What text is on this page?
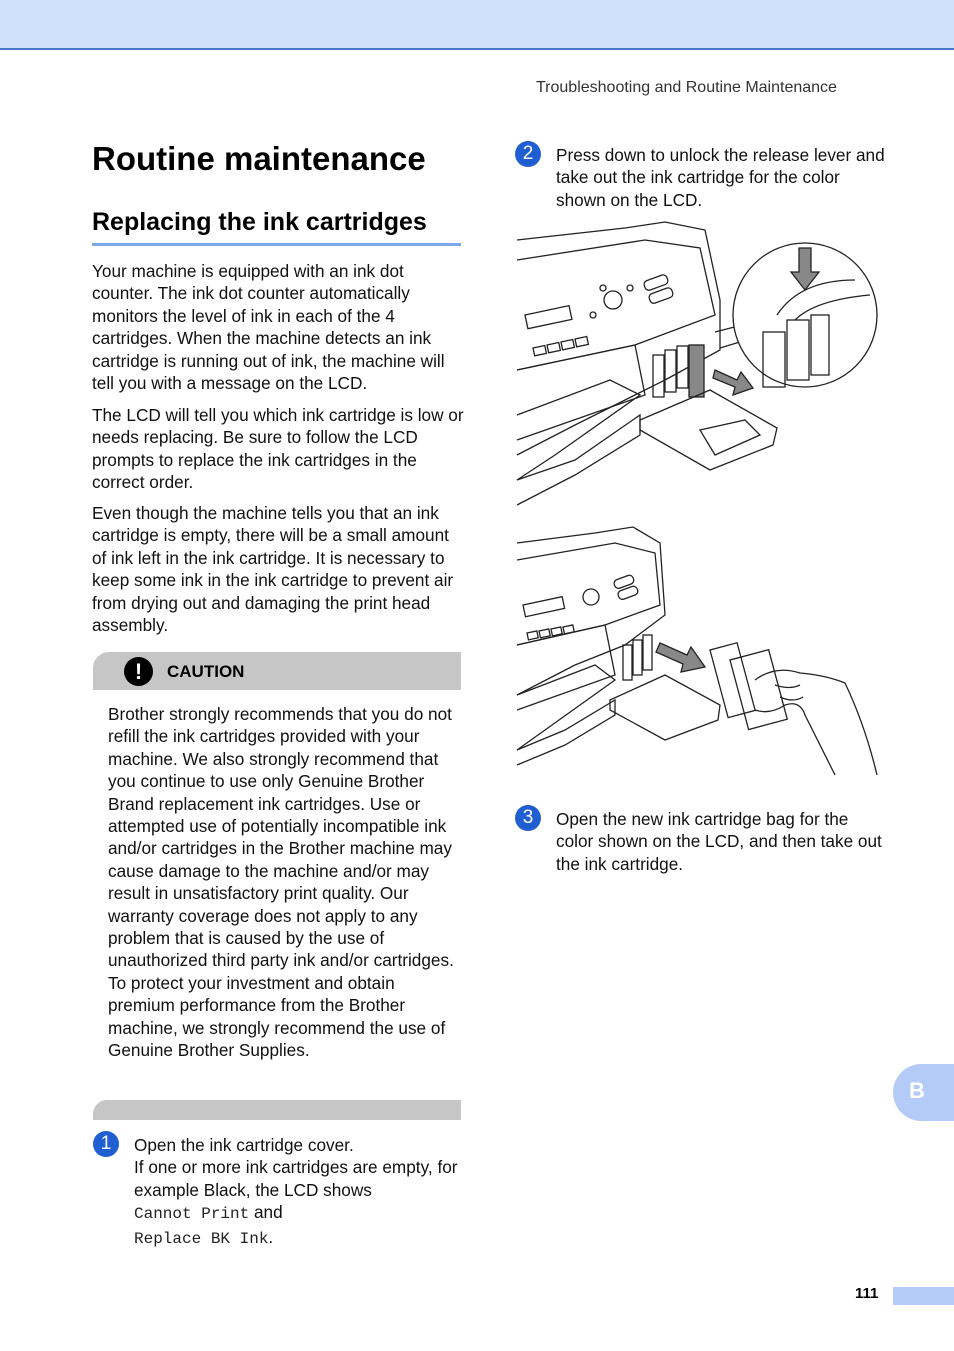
Troubleshooting and Routine Maintenance
Routine maintenance
Replacing the ink cartridges

Your machine is equipped with an ink dot counter. The ink dot counter automatically monitors the level of ink in each of the 4 cartridges. When the machine detects an ink cartridge is running out of ink, the machine will tell you with a message on the LCD.

The LCD will tell you which ink cartridge is low or needs replacing. Be sure to follow the LCD prompts to replace the ink cartridges in the correct order.

Even though the machine tells you that an ink cartridge is empty, there will be a small amount of ink left in the ink cartridge. It is necessary to keep some ink in the ink cartridge to prevent air from drying out and damaging the print head assembly.

!	CAUTION

Brother strongly recommends that you do not refill the ink cartridges provided with your machine. We also strongly recommend that you continue to use only Genuine Brother Brand replacement ink cartridges. Use or attempted use of potentially incompatible ink and/or cartridges in the Brother machine may cause damage to the machine and/or may result in unsatisfactory print quality. Our warranty coverage does not apply to any problem that is caused by the use of unauthorized third party ink and/or cartridges. To protect your investment and obtain premium performance from the Brother machine, we strongly recommend the use of Genuine Brother Supplies.

1	Open the ink cartridge cover.
If one or more ink cartridges are empty, for example Black, the LCD shows
Cannot Print and
Replace BK Ink.
2	Press down to unlock the release lever and take out the ink cartridge for the color shown on the LCD.

3	Open the new ink cartridge bag for the color shown on the LCD, and then take out the ink cartridge.

B
111
